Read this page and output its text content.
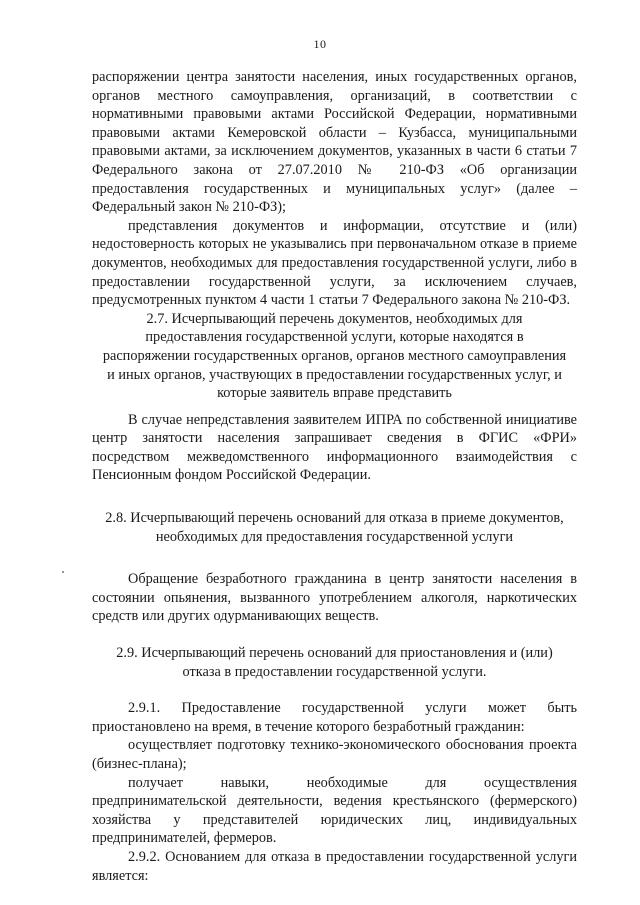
10

распоряжении центра занятости населения, иных государственных органов, органов местного самоуправления, организаций, в соответствии с нормативными правовыми актами Российской Федерации, нормативными правовыми актами Кемеровской области – Кузбасса, муниципальными правовыми актами, за исключением документов, указанных в части 6 статьи 7 Федерального закона от 27.07.2010 № 210-ФЗ «Об организации предоставления государственных и муниципальных услуг» (далее – Федеральный закон № 210-ФЗ);

представления документов и информации, отсутствие и (или) недостоверность которых не указывались при первоначальном отказе в приеме документов, необходимых для предоставления государственной услуги, либо в предоставлении государственной услуги, за исключением случаев, предусмотренных пунктом 4 части 1 статьи 7 Федерального закона № 210-ФЗ.

2.7. Исчерпывающий перечень документов, необходимых для предоставления государственной услуги, которые находятся в распоряжении государственных органов, органов местного самоуправления и иных органов, участвующих в предоставлении государственных услуг, и которые заявитель вправе представить

В случае непредставления заявителем ИПРА по собственной инициативе центр занятости населения запрашивает сведения в ФГИС «ФРИ» посредством межведомственного информационного взаимодействия с Пенсионным фондом Российской Федерации.

2.8. Исчерпывающий перечень оснований для отказа в приеме документов, необходимых для предоставления государственной услуги

Обращение безработного гражданина в центр занятости населения в состоянии опьянения, вызванного употреблением алкоголя, наркотических средств или других одурманивающих веществ.

2.9. Исчерпывающий перечень оснований для приостановления и (или) отказа в предоставлении государственной услуги.

2.9.1. Предоставление государственной услуги может быть приостановлено на время, в течение которого безработный гражданин:

осуществляет подготовку технико-экономического обоснования проекта (бизнес-плана);

получает навыки, необходимые для осуществления предпринимательской деятельности, ведения крестьянского (фермерского) хозяйства у представителей юридических лиц, индивидуальных предпринимателей, фермеров.

2.9.2. Основанием для отказа в предоставлении государственной услуги является:
